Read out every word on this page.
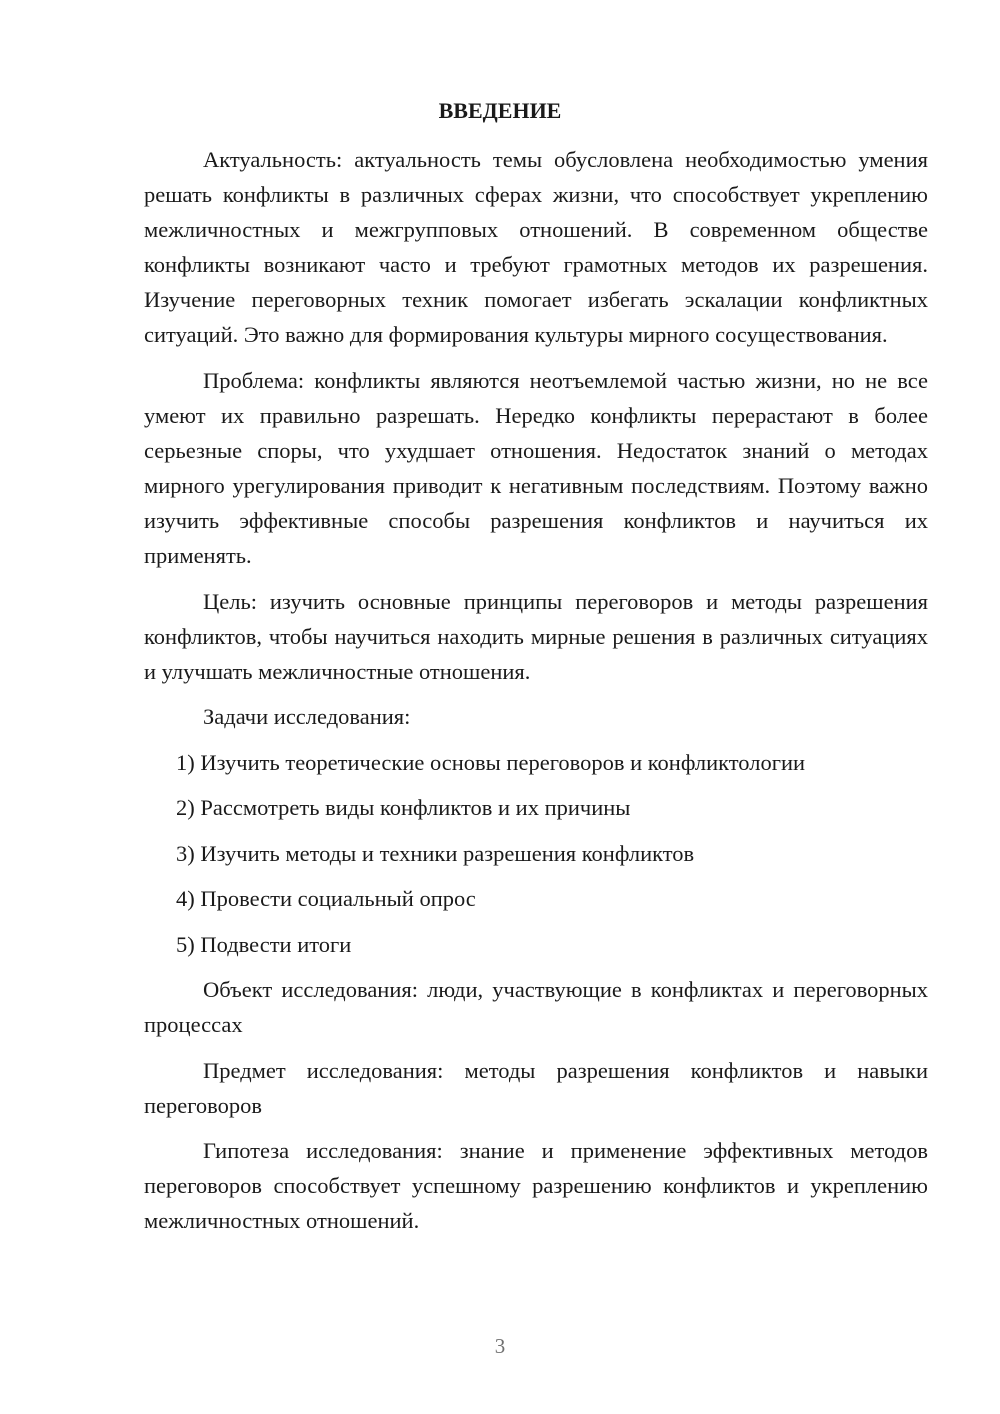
ВВЕДЕНИЕ

Актуальность: актуальность темы обусловлена необходимостью умения решать конфликты в различных сферах жизни, что способствует укреплению межличностных и межгрупповых отношений. В современном обществе конфликты возникают часто и требуют грамотных методов их разрешения. Изучение переговорных техник помогает избегать эскалации конфликтных ситуаций. Это важно для формирования культуры мирного сосуществования.

Проблема: конфликты являются неотъемлемой частью жизни, но не все умеют их правильно разрешать. Нередко конфликты перерастают в более серьезные споры, что ухудшает отношения. Недостаток знаний о методах мирного урегулирования приводит к негативным последствиям. Поэтому важно изучить эффективные способы разрешения конфликтов и научиться их применять.

Цель: изучить основные принципы переговоров и методы разрешения конфликтов, чтобы научиться находить мирные решения в различных ситуациях и улучшать межличностные отношения.

Задачи исследования:

1) Изучить теоретические основы переговоров и конфликтологии
2) Рассмотреть виды конфликтов и их причины
3) Изучить методы и техники разрешения конфликтов
4) Провести социальный опрос
5) Подвести итоги

Объект исследования: люди, участвующие в конфликтах и переговорных процессах

Предмет исследования: методы разрешения конфликтов и навыки переговоров

Гипотеза исследования: знание и применение эффективных методов переговоров способствует успешному разрешению конфликтов и укреплению межличностных отношений.

3
